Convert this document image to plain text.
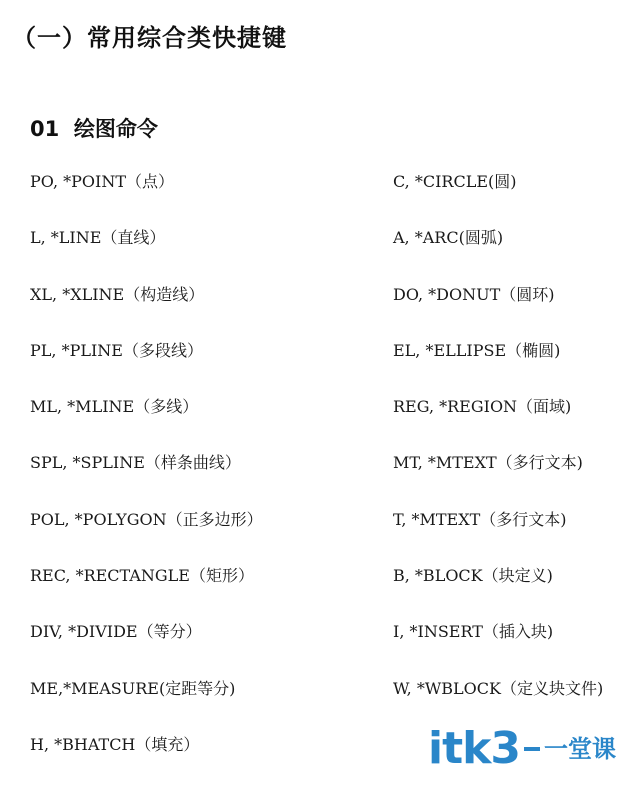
（一）常用综合类快捷键
01 绘图命令
PO, *POINT（点）	C, *CIRCLE(圆)
L, *LINE（直线）	A, *ARC(圆弧)
XL, *XLINE（构造线）	DO, *DONUT（圆环)
PL, *PLINE（多段线）	EL, *ELLIPSE（椭圆)
ML, *MLINE（多线）	REG, *REGION（面域)
SPL, *SPLINE（样条曲线）	MT, *MTEXT（多行文本)
POL, *POLYGON（正多边形）	T, *MTEXT（多行文本)
REC, *RECTANGLE（矩形）	B, *BLOCK（块定义)
DIV, *DIVIDE（等分）	I, *INSERT（插入块)
ME,*MEASURE(定距等分)	W, *WBLOCK（定义块文件)
H, *BHATCH（填充）	itk3 一堂课
